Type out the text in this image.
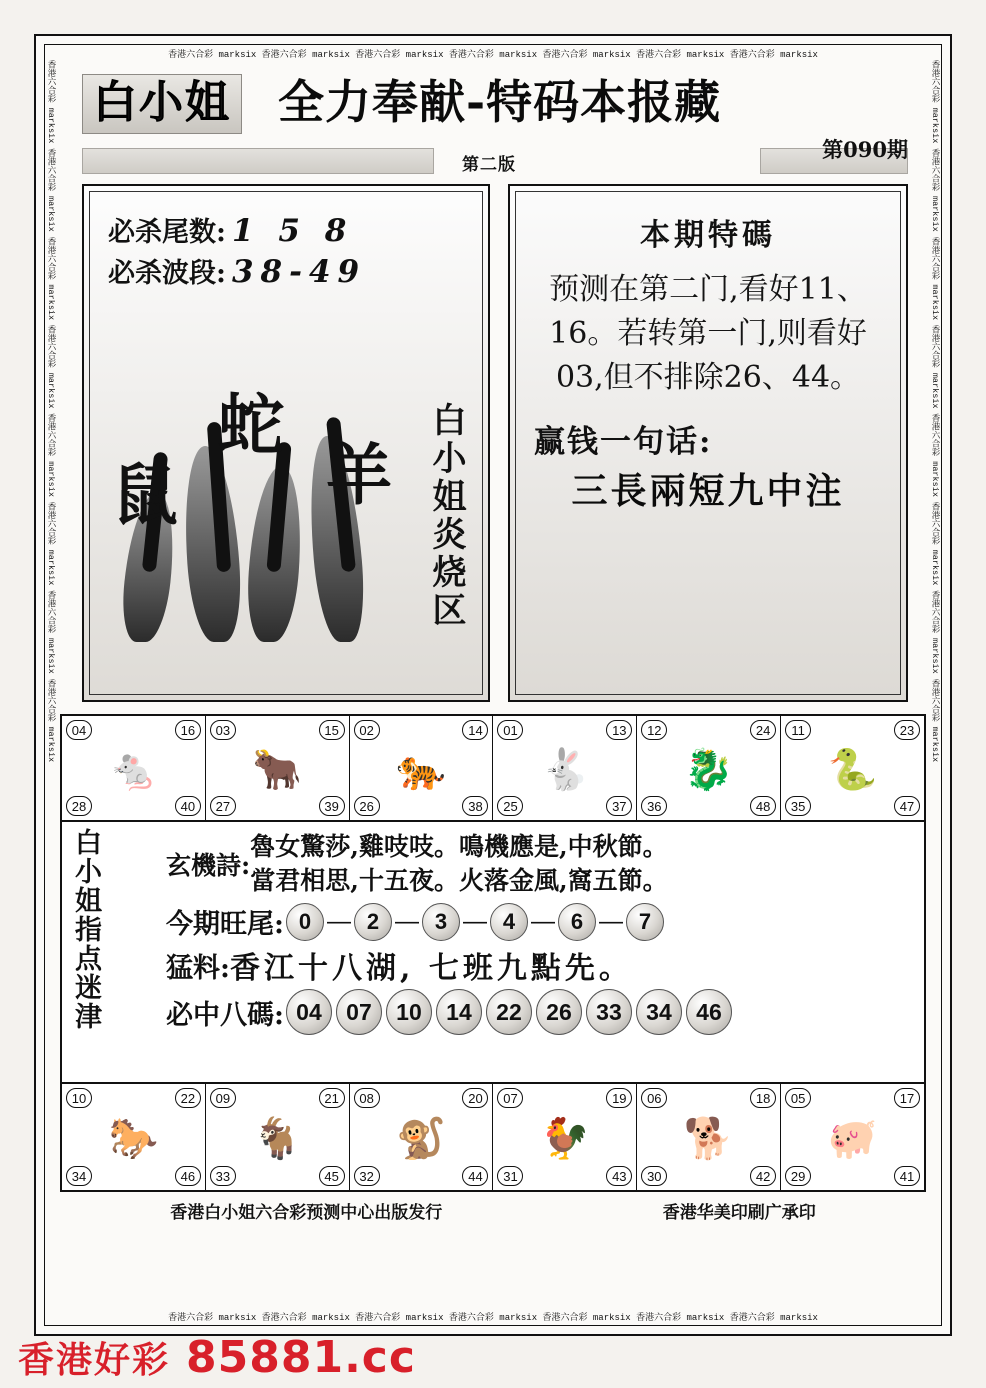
香港六合彩 marksix 香港六合彩 marksix 香港六合彩 marksix 香港六合彩 marksix 香港六合彩 marksix 香港六合彩 marksix 香港六合彩 marksix
香港六合彩 marksix 香港六合彩 marksix 香港六合彩 marksix 香港六合彩 marksix 香港六合彩 marksix 香港六合彩 marksix 香港六合彩 marksix
香港六合彩 marksix 香港六合彩 marksix 香港六合彩 marksix 香港六合彩 marksix 香港六合彩 marksix 香港六合彩 marksix 香港六合彩 marksix 香港六合彩 marksix	香港六合彩 marksix 香港六合彩 marksix 香港六合彩 marksix 香港六合彩 marksix 香港六合彩 marksix 香港六合彩 marksix 香港六合彩 marksix 香港六合彩 marksix
白小姐 全力奉献-特码本报藏
第090期
第二版
必杀尾数: 1 5 8
必杀波段: 38-49
鼠
蛇
羊 白小姐炎烧区
本期特碼
预测在第二门,看好11、16。若转第一门,则看好03,但不排除26、44。
赢钱一句话:
三長兩短九中注
04	16
28	40
🐁
03	15
27	39
🐂
02	14
26	38
🐅
01	13
25	37
🐇
12	24
36	48
🐉
11	23
35	47
🐍
白小姐指点迷津	玄機詩:
魯女驚莎,雞吱吱。鳴機應是,中秋節。
當君相思,十五夜。火落金風,窩五節。
今期旺尾: 0 — 2 — 3 — 4 — 6 — 7
猛料: 香江十八湖, 七班九點先。
必中八碼: 04 07 10 14 22 26 33 34 46
10	22
34	46
🐎
09	21
33	45
🐐
08	20
32	44
🐒
07	19
31	43
🐓
06	18
30	42
🐕
05	17
29	41
🐖
香港白小姐六合彩预测中心出版发行	香港华美印刷广承印
香港好彩 85881.cc
